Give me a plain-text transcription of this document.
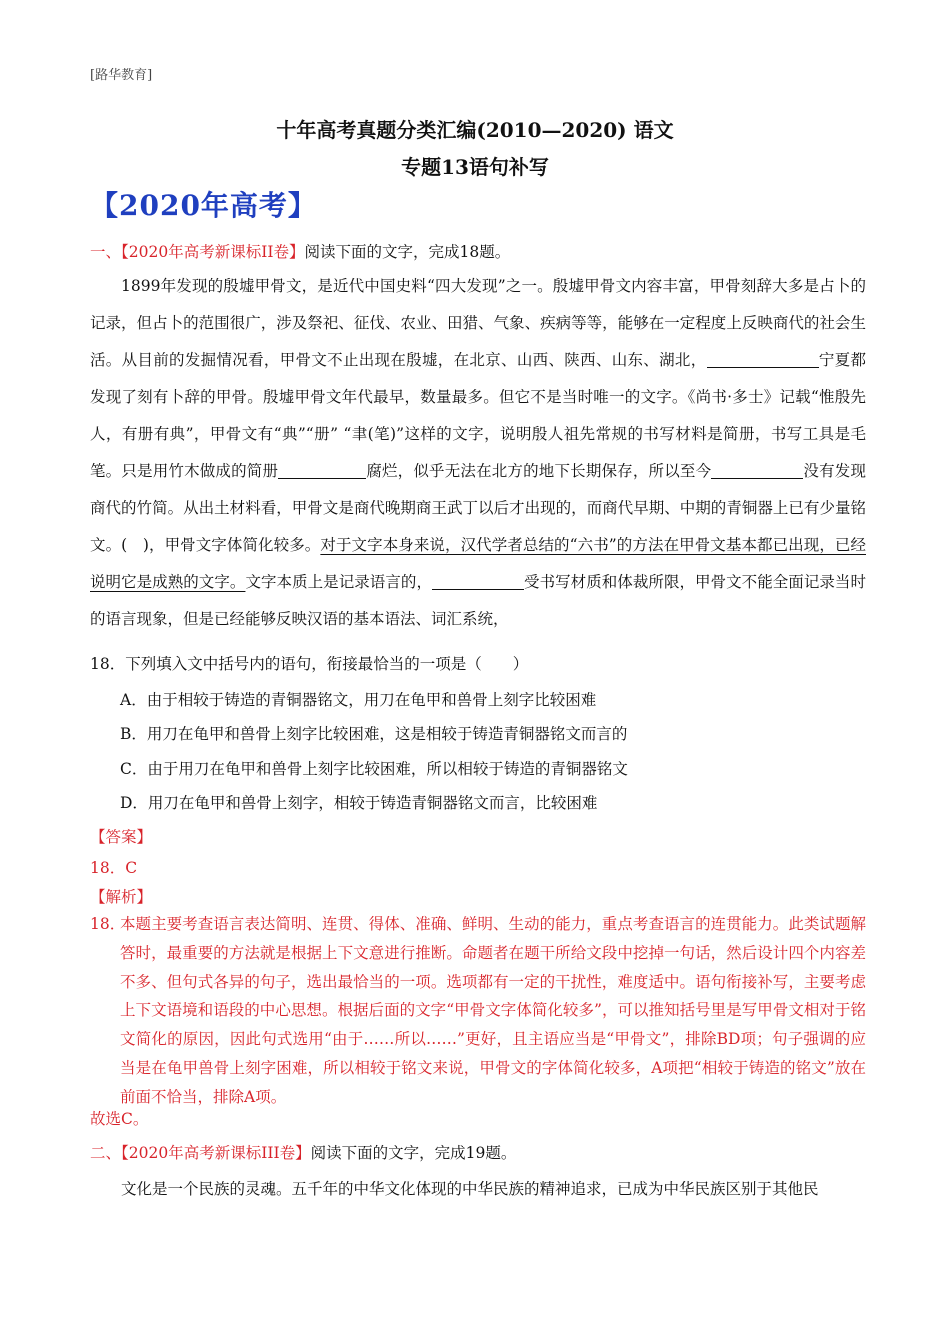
[路华教育]
十年高考真题分类汇编(2010—2020) 语文
专题13语句补写
【2020年高考】
一、【2020年高考新课标II卷】阅读下面的文字，完成18题。

1899年发现的殷墟甲骨文，是近代中国史料“四大发现”之一。殷墟甲骨文内容丰富，甲骨刻辞大多是占卜的记录，但占卜的范围很广，涉及祭祀、征伐、农业、田猎、气象、疾病等等，能够在一定程度上反映商代的社会生活。从目前的发掘情况看，甲骨文不止出现在殷墟，在北京、山西、陕西、山东、湖北，	宁夏都发现了刻有卜辞的甲骨。殷墟甲骨文年代最早，数量最多。但它不是当时唯一的文字。《尚书·多士》记载“惟殷先人，有册有典”，甲骨文有“典”“册” “聿(笔)”这样的文字，说明殷人祖先常规的书写材料是简册，书写工具是毛笔。只是用竹木做成的简册	腐烂，似乎无法在北方的地下长期保存，所以至今	没有发现商代的竹简。从出土材料看，甲骨文是商代晚期商王武丁以后才出现的，而商代早期、中期的青铜器上已有少量铭文。(　)，甲骨文字体简化较多。对于文字本身来说，汉代学者总结的“六书”的方法在甲骨文基本都已出现，已经说明它是成熟的文字。文字本质上是记录语言的，	受书写材质和体裁所限，甲骨文不能全面记录当时的语言现象，但是已经能够反映汉语的基本语法、词汇系统，

18．下列填入文中括号内的语句，衔接最恰当的一项是（　　）
A．由于相较于铸造的青铜器铭文，用刀在龟甲和兽骨上刻字比较困难
B．用刀在龟甲和兽骨上刻字比较困难，这是相较于铸造青铜器铭文而言的
C．由于用刀在龟甲和兽骨上刻字比较困难，所以相较于铸造的青铜器铭文
D．用刀在龟甲和兽骨上刻字，相较于铸造青铜器铭文而言，比较困难
【答案】
18．C
【解析】
18．
本题主要考查语言表达简明、连贯、得体、准确、鲜明、生动的能力，重点考查语言的连贯能力。此类试题解答时，最重要的方法就是根据上下文意进行推断。命题者在题干所给文段中挖掉一句话，然后设计四个内容差不多、但句式各异的句子，选出最恰当的一项。选项都有一定的干扰性，难度适中。语句衔接补写，主要考虑上下文语境和语段的中心思想。根据后面的文字“甲骨文字体简化较多”，可以推知括号里是写甲骨文相对于铭文简化的原因，因此句式选用“由于……所以……”更好，且主语应当是“甲骨文”，排除BD项；句子强调的应当是在龟甲兽骨上刻字困难，所以相较于铭文来说，甲骨文的字体简化较多，A项把“相较于铸造的铭文”放在前面不恰当，排除A项。
故选C。
二、【2020年高考新课标III卷】阅读下面的文字，完成19题。

文化是一个民族的灵魂。五千年的中华文化体现的中华民族的精神追求，已成为中华民族区别于其他民
